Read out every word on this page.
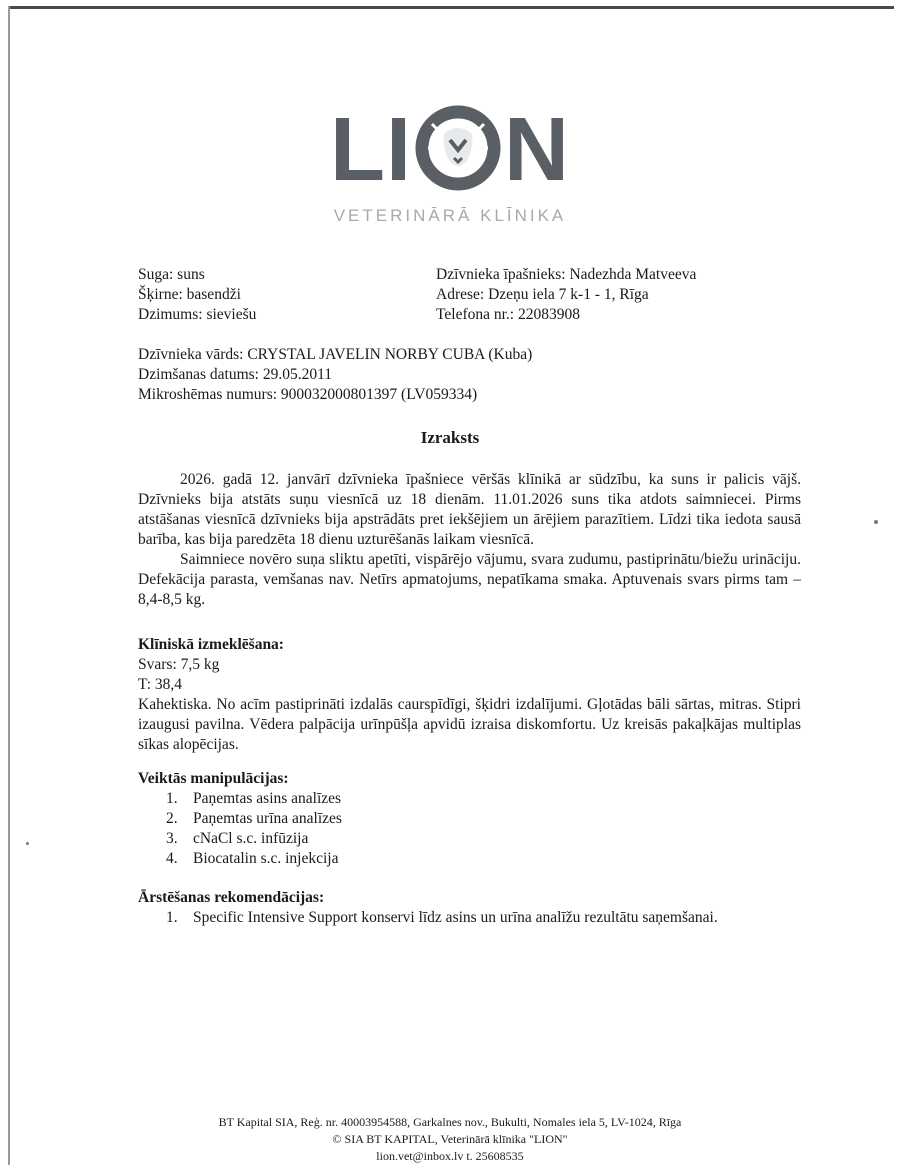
L I N
VETERINĀRĀ KLĪNIKA
Suga: suns
Šķirne: basendži
Dzimums: sieviešu
Dzīvnieka īpašnieks: Nadezhda Matveeva
Adrese: Dzeņu iela 7 k-1 - 1, Rīga
Telefona nr.: 22083908
Dzīvnieka vārds: CRYSTAL JAVELIN NORBY CUBA (Kuba)
Dzimšanas datums: 29.05.2011
Mikroshēmas numurs: 900032000801397 (LV059334)
Izraksts

2026. gadā 12. janvārī dzīvnieka īpašniece vēršās klīnikā ar sūdzību, ka suns ir palicis vājš. Dzīvnieks bija atstāts suņu viesnīcā uz 18 dienām. 11.01.2026 suns tika atdots saimniecei. Pirms atstāšanas viesnīcā dzīvnieks bija apstrādāts pret iekšējiem un ārējiem parazītiem. Līdzi tika iedota sausā barība, kas bija paredzēta 18 dienu uzturēšanās laikam viesnīcā.

Saimniece novēro suņa sliktu apetīti, vispārējo vājumu, svara zudumu, pastiprinātu/biežu urināciju. Defekācija parasta, vemšanas nav. Netīrs apmatojums, nepatīkama smaka. Aptuvenais svars pirms tam – 8,4-8,5 kg.

Klīniskā izmeklēšana:

Svars: 7,5 kg
T: 38,4
Kahektiska. No acīm pastiprināti izdalās caurspīdīgi, šķidri izdalījumi. Gļotādas bāli sārtas, mitras. Stipri izaugusi pavilna. Vēdera palpācija urīnpūšļa apvidū izraisa diskomfortu. Uz kreisās pakaļkājas multiplas sīkas alopēcijas.

Veiktās manipulācijas:

1. Paņemtas asins analīzes
2. Paņemtas urīna analīzes
3. cNaCl s.c. infūzija
4. Biocatalin s.c. injekcija

Ārstēšanas rekomendācijas:

1. Specific Intensive Support konservi līdz asins un urīna analīžu rezultātu saņemšanai.
BT Kapital SIA, Reģ. nr. 40003954588, Garkalnes nov., Bukulti, Nomales iela 5, LV-1024, Rīga
© SIA BT KAPITAL, Veterinārā klīnika "LION"
lion.vet@inbox.lv t. 25608535
